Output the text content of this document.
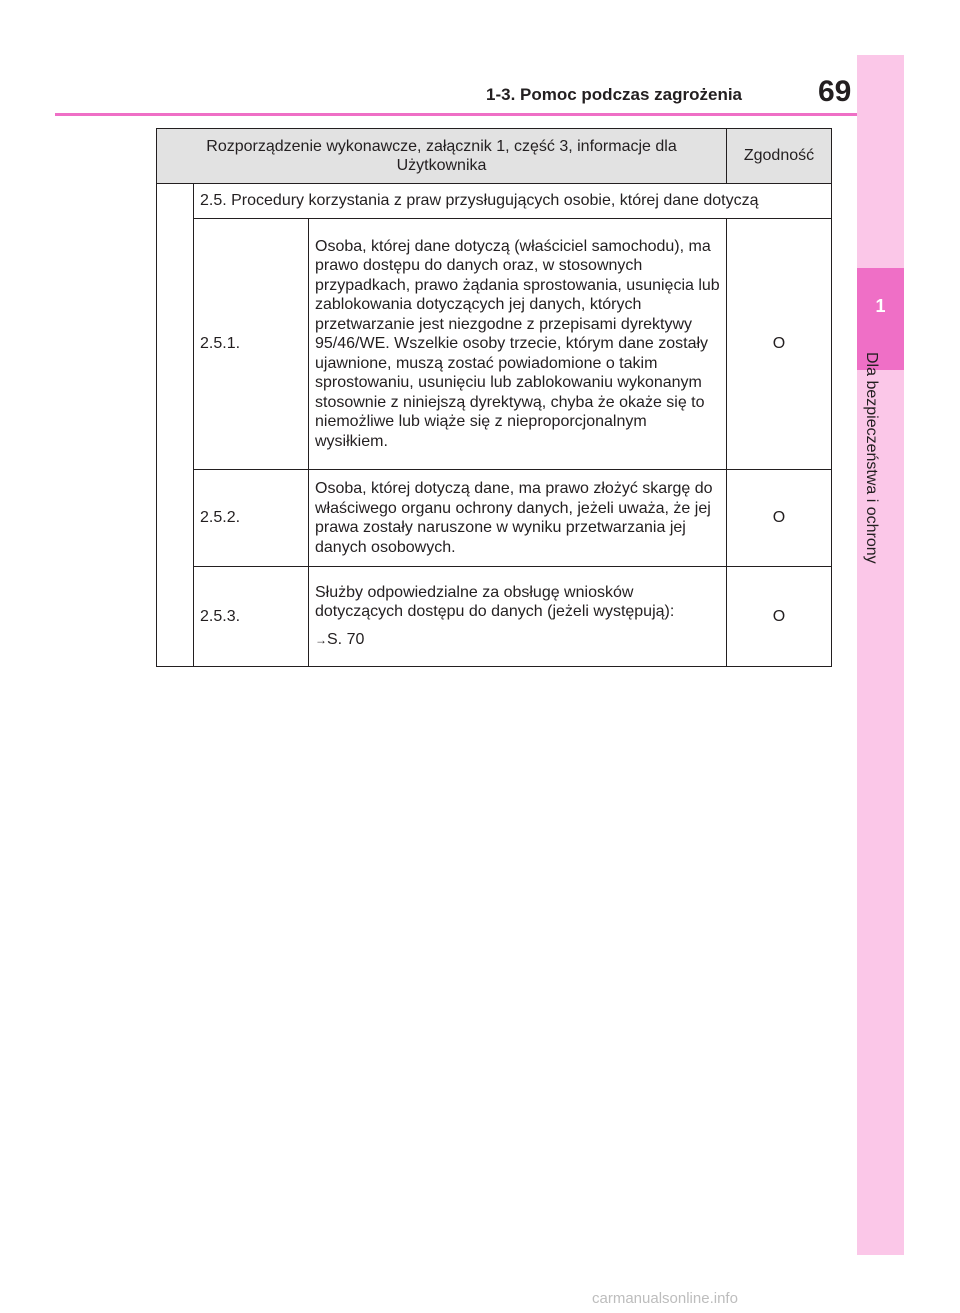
1
Dla bezpieczeństwa i ochrony
1-3. Pomoc podczas zagrożenia	69
Rozporządzenie wykonawcze, załącznik 1, część 3, informacje dla Użytkownika			Zgodność
	2.5. Procedury korzystania z praw przysługujących osobie, której dane dotyczą		
	2.5.1.	Osoba, której dane dotyczą (właściciel samochodu), ma prawo dostępu do danych oraz, w stosownych przypadkach, prawo żądania sprostowania, usunięcia lub zablokowania dotyczących jej danych, których przetwarzanie jest niezgodne z przepisami dyrektywy 95/46/WE. Wszelkie osoby trzecie, którym dane zostały ujawnione, muszą zostać powiadomione o takim sprostowaniu, usunięciu lub zablokowaniu wykonanym stosownie z niniejszą dyrektywą, chyba że okaże się to niemożliwe lub wiąże się z nieproporcjonalnym wysiłkiem.	O
	2.5.2.	Osoba, której dotyczą dane, ma prawo złożyć skargę do właściwego organu ochrony danych, jeżeli uważa, że jej prawa zostały naruszone w wyniku przetwarzania jej danych osobowych.	O
	2.5.3.	Służby odpowiedzialne za obsługę wniosków dotyczących dostępu do danych (jeżeli występują):
→S. 70	O
carmanualsonline.info
